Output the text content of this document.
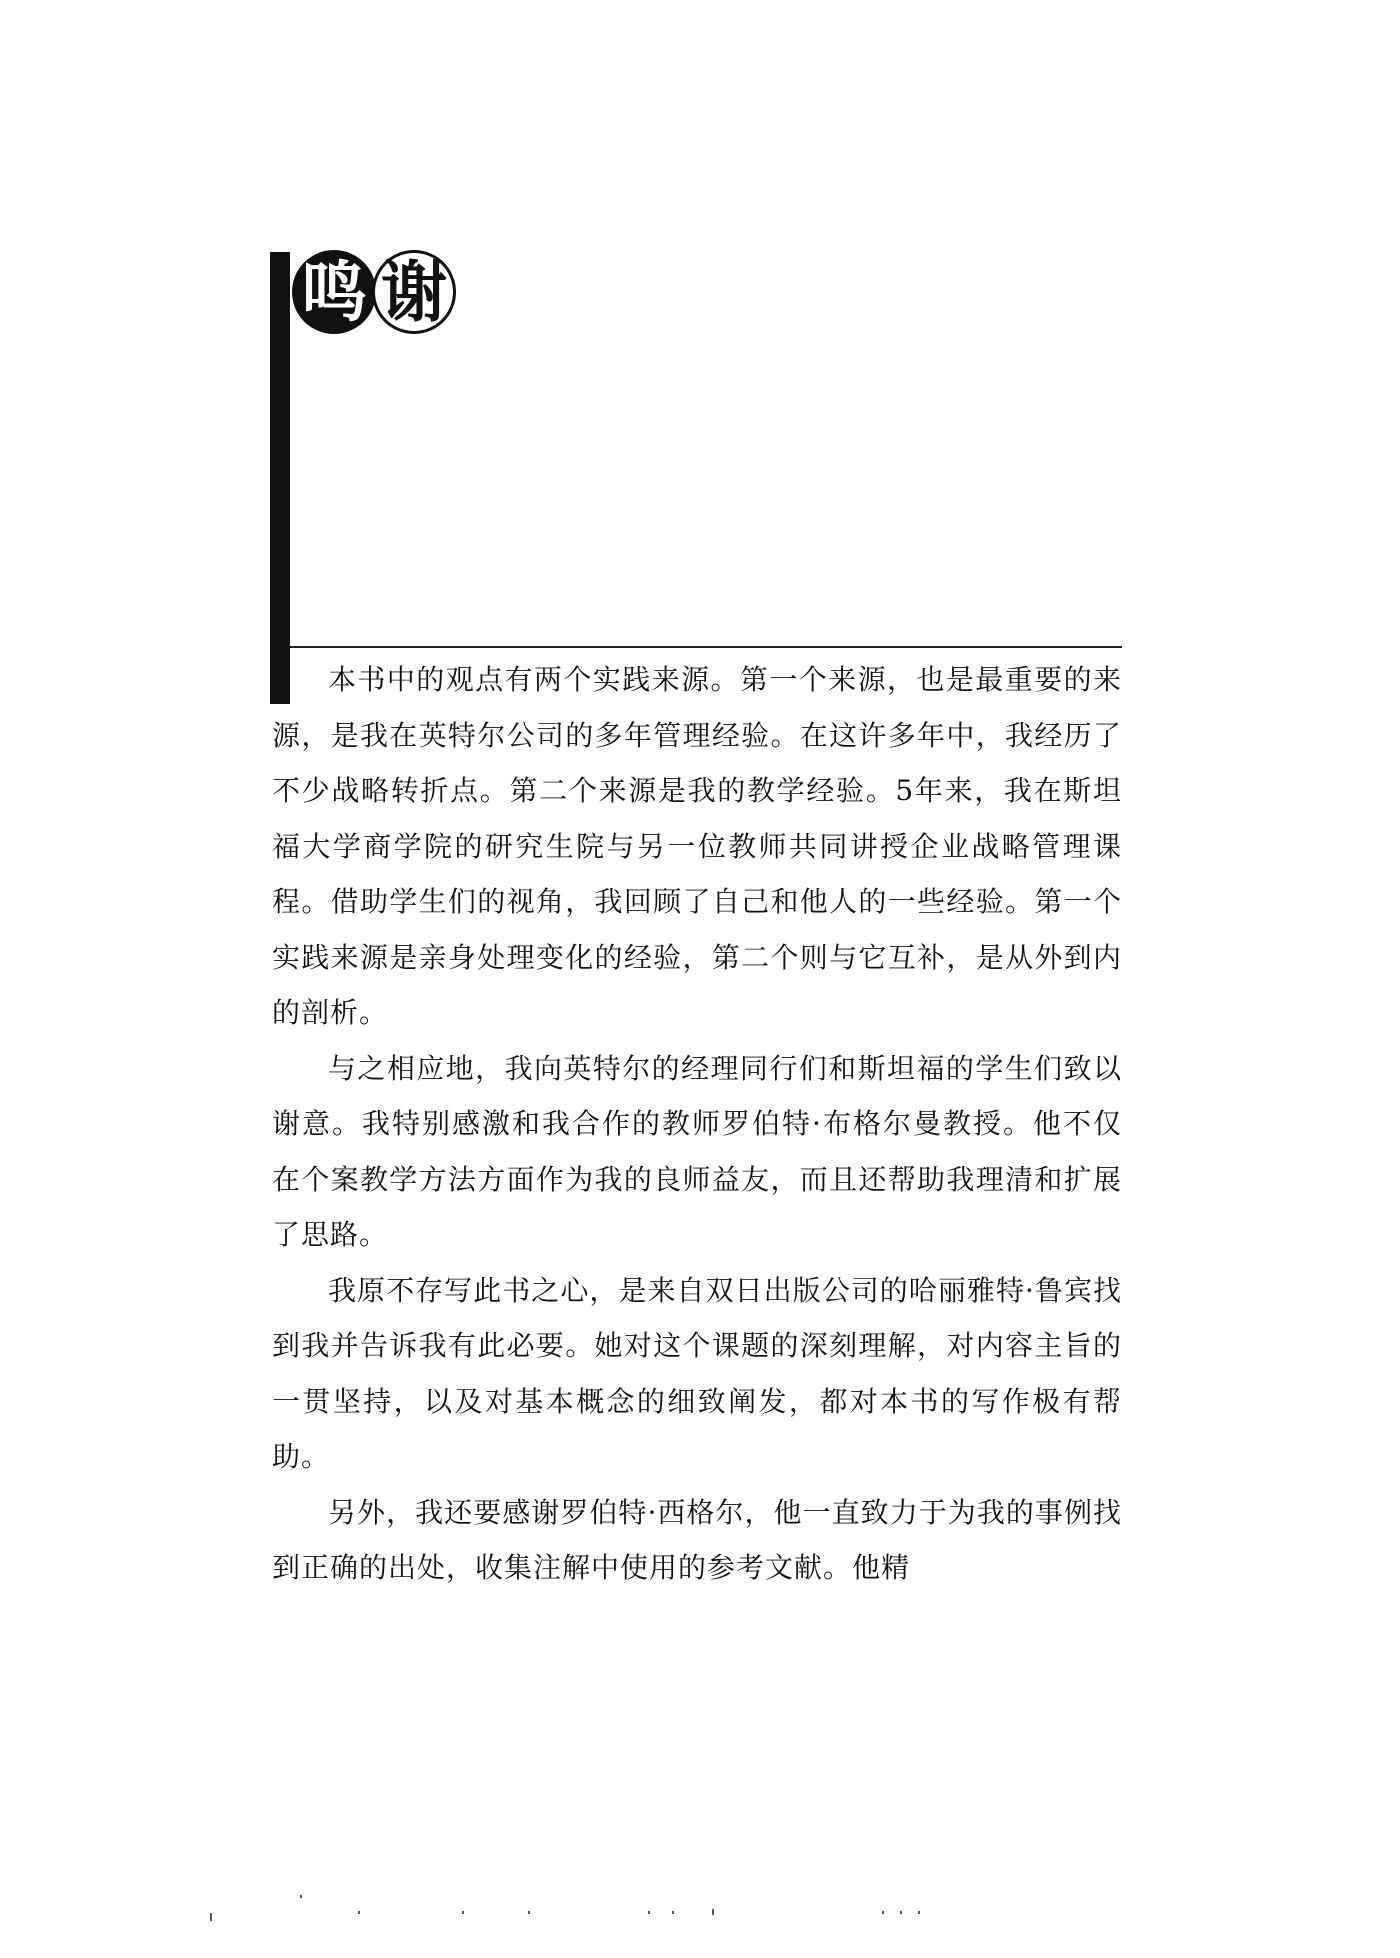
鸣 谢

本书中的观点有两个实践来源。第一个来源，也是最重要的来源，是我在英特尔公司的多年管理经验。在这许多年中，我经历了不少战略转折点。第二个来源是我的教学经验。5年来，我在斯坦福大学商学院的研究生院与另一位教师共同讲授企业战略管理课程。借助学生们的视角，我回顾了自己和他人的一些经验。第一个实践来源是亲身处理变化的经验，第二个则与它互补，是从外到内的剖析。

与之相应地，我向英特尔的经理同行们和斯坦福的学生们致以谢意。我特别感激和我合作的教师罗伯特·布格尔曼教授。他不仅在个案教学方法方面作为我的良师益友，而且还帮助我理清和扩展了思路。

我原不存写此书之心，是来自双日出版公司的哈丽雅特·鲁宾找到我并告诉我有此必要。她对这个课题的深刻理解，对内容主旨的一贯坚持，以及对基本概念的细致阐发，都对本书的写作极有帮助。

另外，我还要感谢罗伯特·西格尔，他一直致力于为我的事例找到正确的出处，收集注解中使用的参考文献。他精
